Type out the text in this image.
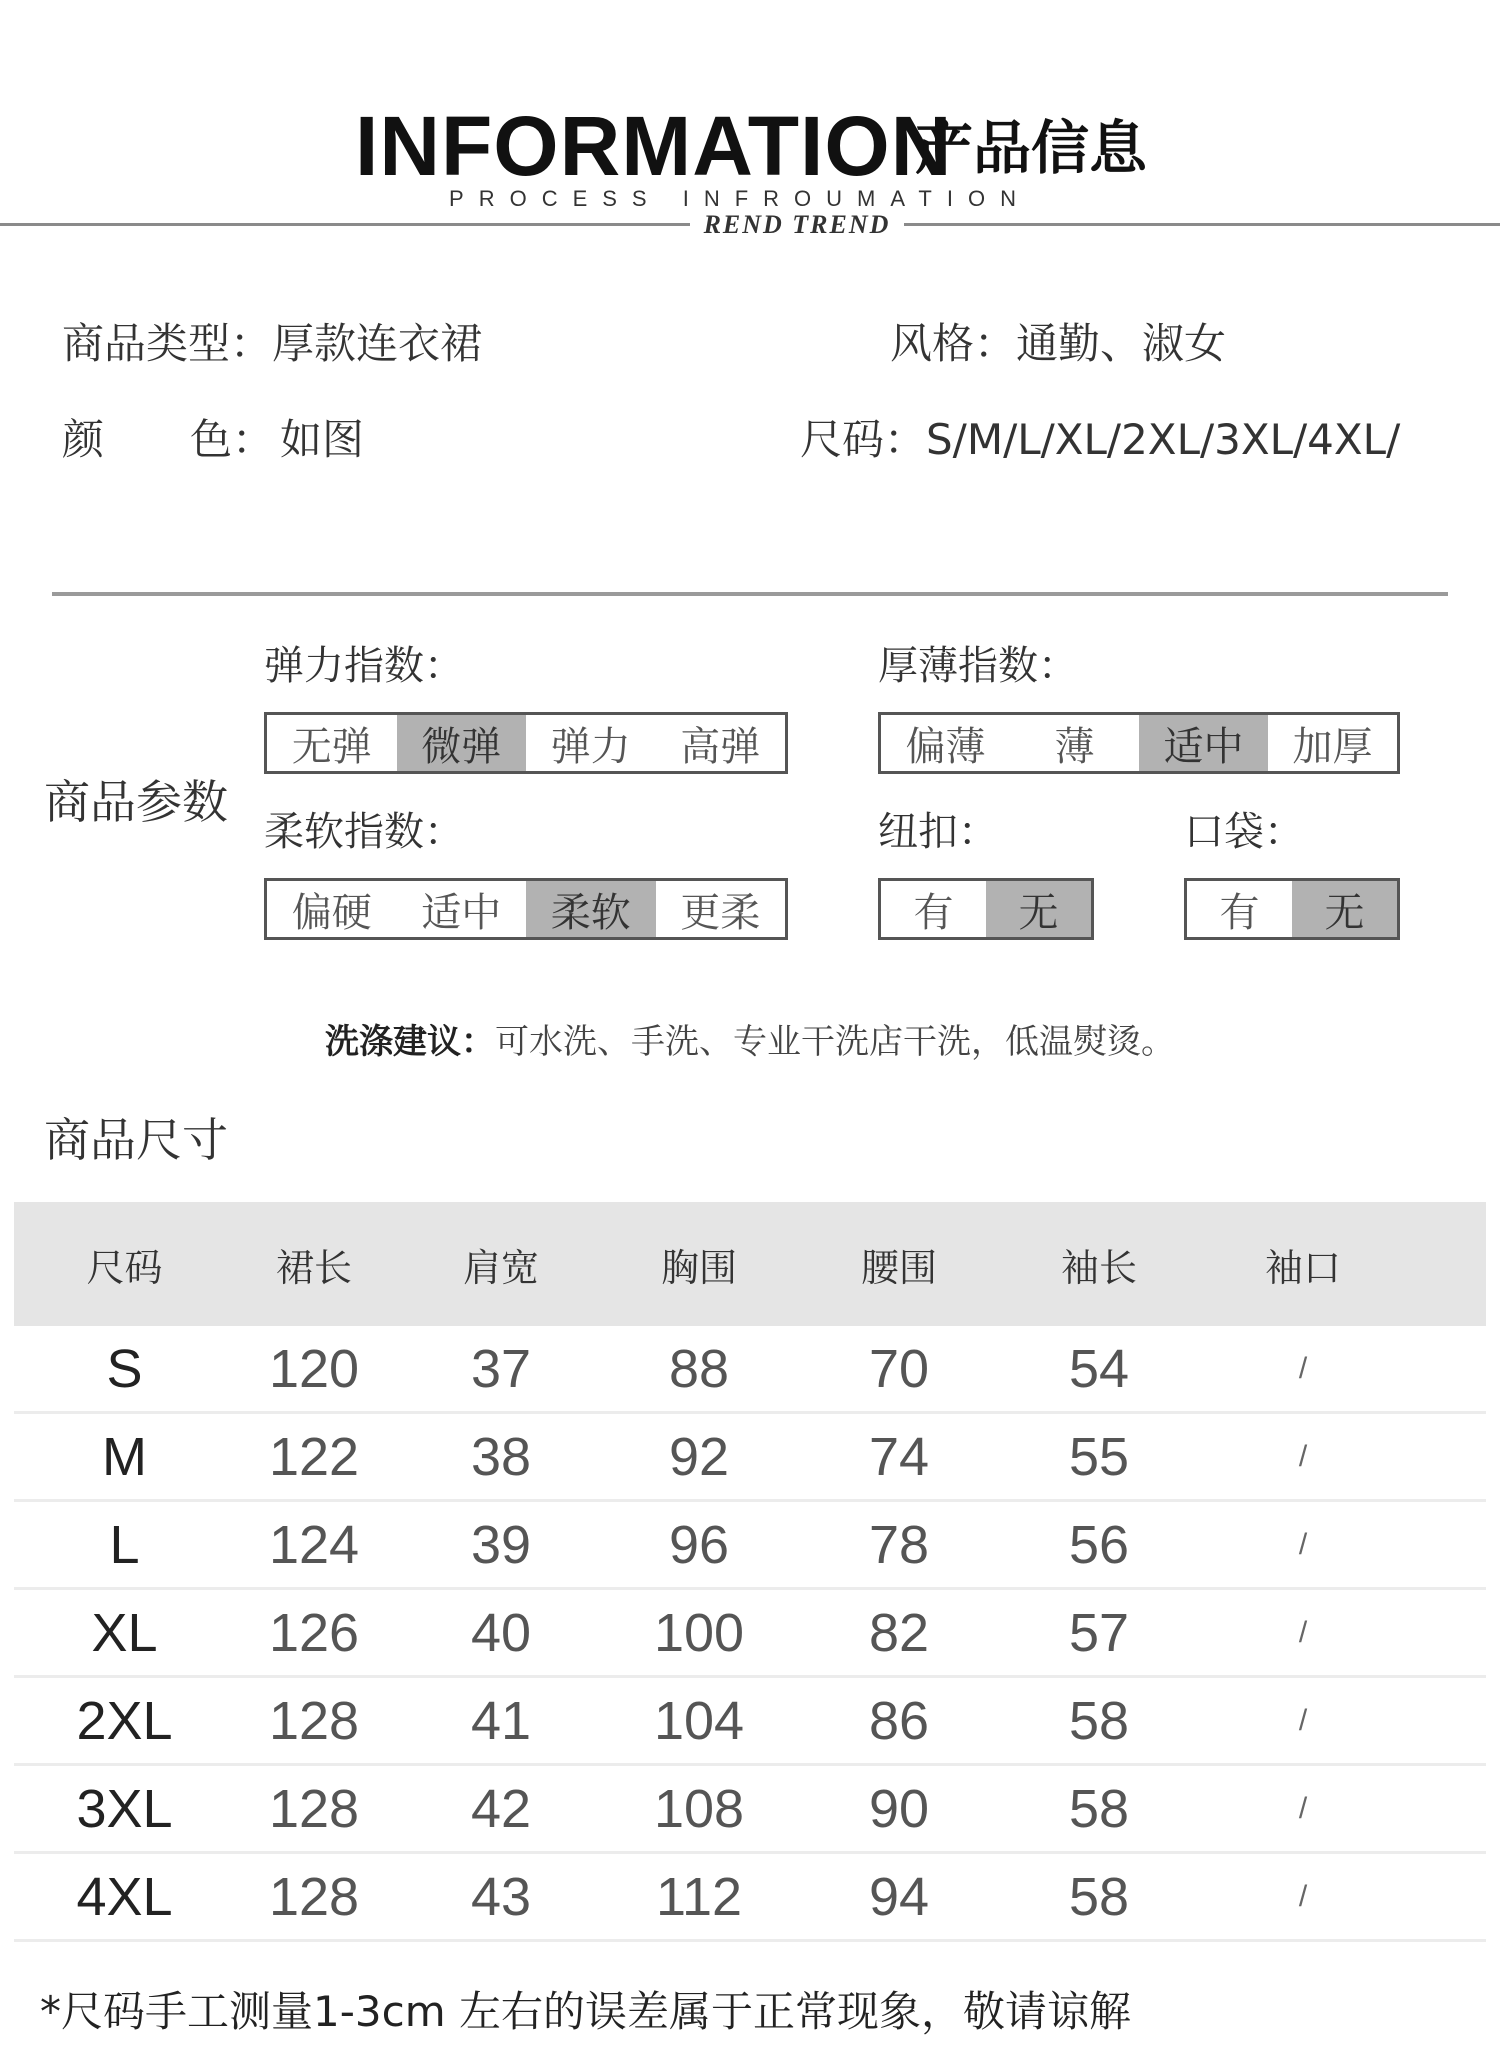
INFORMATION
产品信息
PROCESS INFROUMATION
REND TREND
商品类型：厚款连衣裙	风格：通勤、淑女
颜 色： 如图	尺码：S/M/L/XL/2XL/3XL/4XL/
商品参数
弹力指数：
无弹	微弹	弹力	高弹
厚薄指数：
偏薄	薄	适中	加厚
柔软指数：
偏硬	适中	柔软	更柔
纽扣：
有	无
口袋：
有	无
洗涤建议：可水洗、手洗、专业干洗店干洗，低温熨烫。
商品尺寸
尺码	裙长	肩宽	胸围	腰围	袖长	袖口
S	120	37	88	70	54	/
M	122	38	92	74	55	/
L	124	39	96	78	56	/
XL	126	40	100	82	57	/
2XL	128	41	104	86	58	/
3XL	128	42	108	90	58	/
4XL	128	43	112	94	58	/
*尺码手工测量1-3cm 左右的误差属于正常现象，敬请谅解
